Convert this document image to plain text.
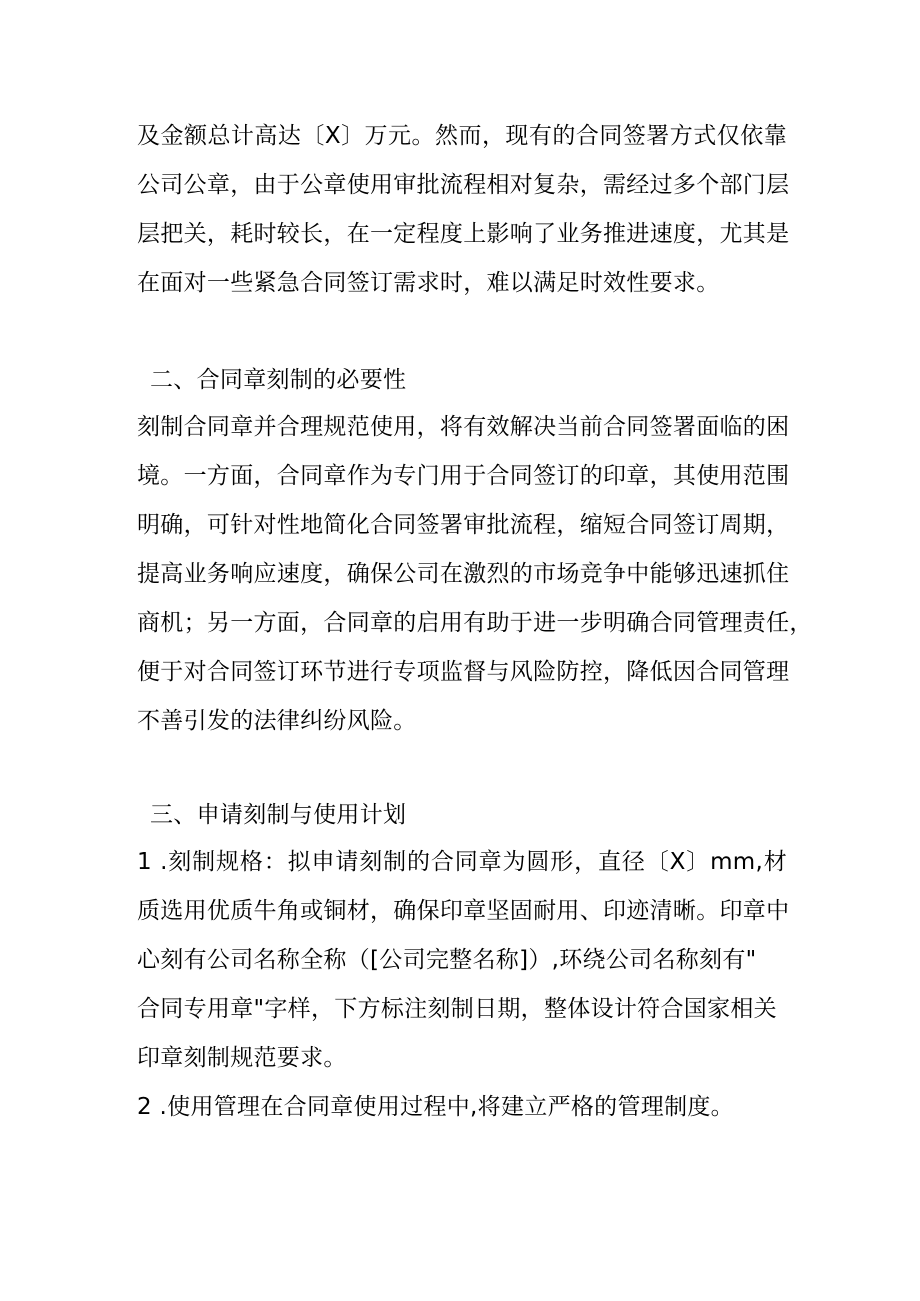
及金额总计高达〔X〕万元。然而，现有的合同签署方式仅依靠
公司公章，由于公章使用审批流程相对复杂，需经过多个部门层
层把关，耗时较长，在一定程度上影响了业务推进速度，尤其是
在面对一些紧急合同签订需求时，难以满足时效性要求。
二、合同章刻制的必要性
刻制合同章并合理规范使用，将有效解决当前合同签署面临的困
境。一方面，合同章作为专门用于合同签订的印章，其使用范围
明确，可针对性地简化合同签署审批流程，缩短合同签订周期，
提高业务响应速度，确保公司在激烈的市场竞争中能够迅速抓住
商机；另一方面，合同章的启用有助于进一步明确合同管理责任，
便于对合同签订环节进行专项监督与风险防控，降低因合同管理
不善引发的法律纠纷风险。
三、申请刻制与使用计划
1 .刻制规格：拟申请刻制的合同章为圆形，直径〔X〕mm,材
质选用优质牛角或铜材，确保印章坚固耐用、印迹清晰。印章中
心刻有公司名称全称（[公司完整名称]）,环绕公司名称刻有"
合同专用章"字样，下方标注刻制日期，整体设计符合国家相关
印章刻制规范要求。
2 .使用管理在合同章使用过程中,将建立严格的管理制度。
